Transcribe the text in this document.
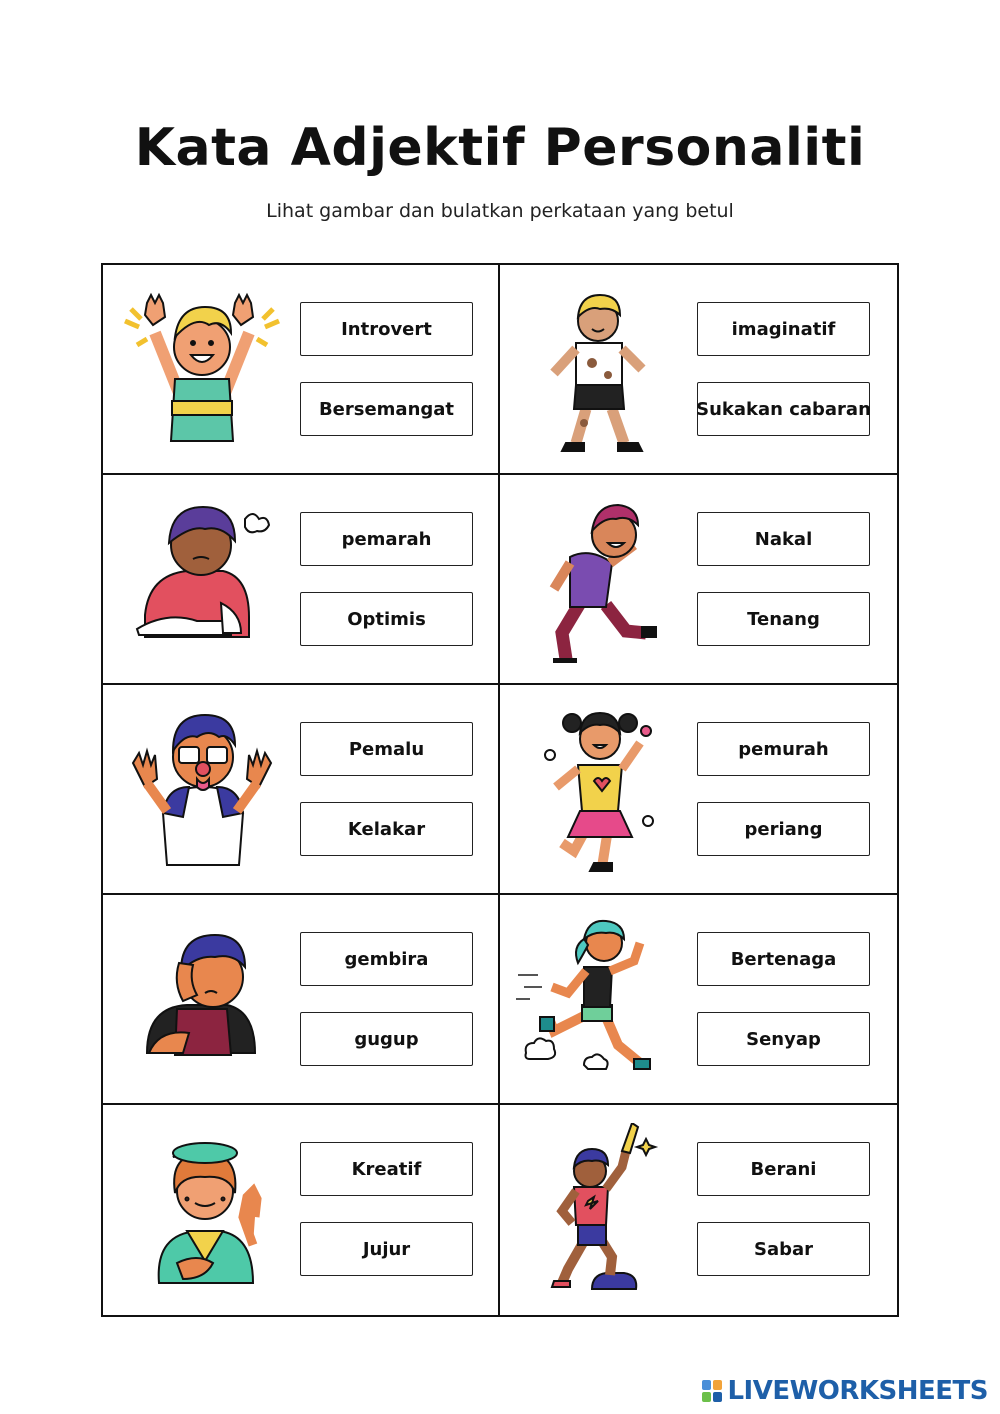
Kata Adjektif Personaliti
Lihat gambar dan bulatkan perkataan yang betul
Introvert
Bersemangat
imaginatif
Sukakan cabaran
pemarah
Optimis
Nakal
Tenang
Pemalu
Kelakar
pemurah
periang
gembira
gugup
Bertenaga
Senyap
Kreatif
Jujur
Berani
Sabar
LIVEWORKSHEETS
